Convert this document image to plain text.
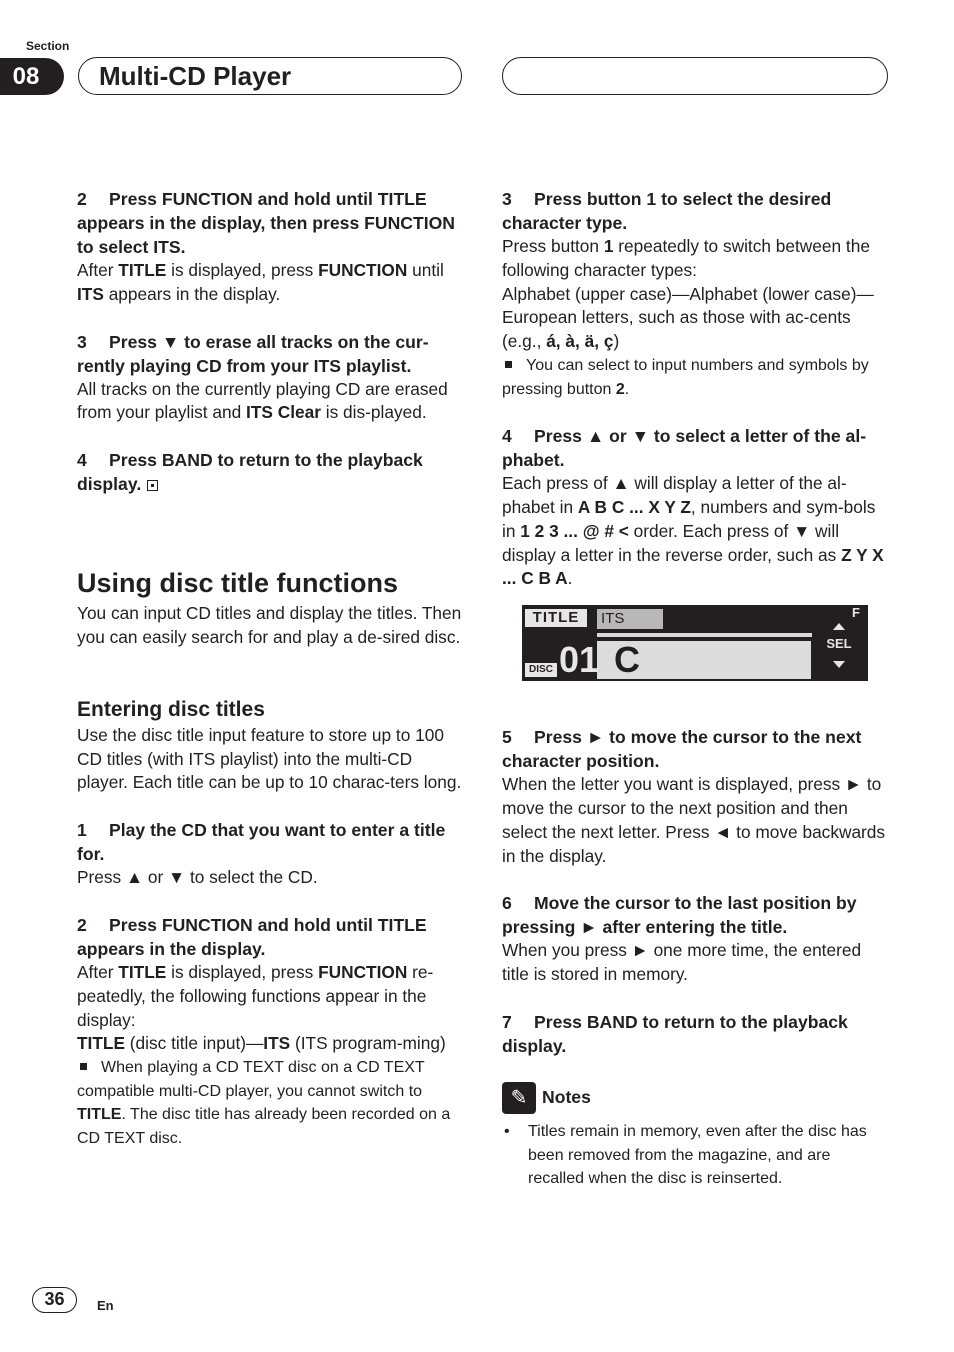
Section
08	Multi-CD Player

2 Press FUNCTION and hold until TITLE appears in the display, then press FUNCTION to select ITS.

After TITLE is displayed, press FUNCTION until ITS appears in the display.

3 Press ▼ to erase all tracks on the cur-rently playing CD from your ITS playlist.

All tracks on the currently playing CD are erased from your playlist and ITS Clear is dis-played.

4 Press BAND to return to the playback display.

Using disc title functions

You can input CD titles and display the titles. Then you can easily search for and play a de-sired disc.

Entering disc titles

Use the disc title input feature to store up to 100 CD titles (with ITS playlist) into the multi-CD player. Each title can be up to 10 charac-ters long.

1 Play the CD that you want to enter a title for.

Press ▲ or ▼ to select the CD.

2 Press FUNCTION and hold until TITLE appears in the display.

After TITLE is displayed, press FUNCTION re-peatedly, the following functions appear in the display:

TITLE (disc title input)—ITS (ITS program-ming)

When playing a CD TEXT disc on a CD TEXT compatible multi-CD player, you cannot switch to TITLE. The disc title has already been recorded on a CD TEXT disc.

3 Press button 1 to select the desired character type.

Press button 1 repeatedly to switch between the following character types:

Alphabet (upper case)—Alphabet (lower case)—European letters, such as those with ac-cents (e.g., á, à, ä, ç)

You can select to input numbers and symbols by pressing button 2.

4 Press ▲ or ▼ to select a letter of the al-phabet.

Each press of ▲ will display a letter of the al-phabet in A B C ... X Y Z, numbers and sym-bols in 1 2 3 ... @ # < order. Each press of ▼ will display a letter in the reverse order, such as Z Y X ... C B A.

TITLE	ITS
DISC 01 C	SEL
F

5 Press ► to move the cursor to the next character position.

When the letter you want is displayed, press ► to move the cursor to the next position and then select the next letter. Press ◄ to move backwards in the display.

6 Move the cursor to the last position by pressing ► after entering the title.

When you press ► one more time, the entered title is stored in memory.

7 Press BAND to return to the playback display.

✎ Notes

• Titles remain in memory, even after the disc has been removed from the magazine, and are recalled when the disc is reinserted.

36	En
